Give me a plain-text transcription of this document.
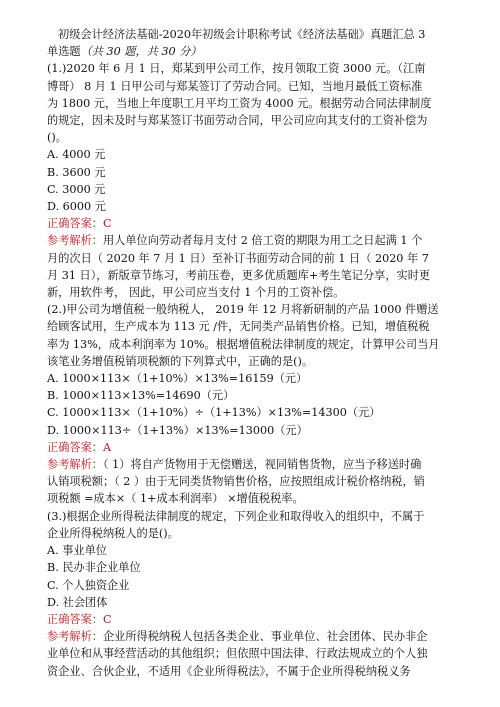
初级会计经济法基础-2020年初级会计职称考试《经济法基础》真题汇总 3
单选题（共 30 题，共 30 分）
(1.)2020 年 6 月 1 日，郑某到甲公司工作，按月领取工资 3000 元。（江南
博哥） 8 月 1 日甲公司与郑某签订了劳动合同。已知，当地月最低工资标准
为 1800 元，当地上年度职工月平均工资为 4000 元。根据劳动合同法律制度
的规定，因未及时与郑某签订书面劳动合同，甲公司应向其支付的工资补偿为
()。
A. 4000 元
B. 3600 元
C. 3000 元
D. 6000 元
正确答案：C
参考解析：用人单位向劳动者每月支付 2 倍工资的期限为用工之日起满 1 个
月的次日（ 2020 年 7 月 1 日）至补订书面劳动合同的前 1 日（ 2020 年 7
月 31 日），新版章节练习，考前压卷，更多优质题库+考生笔记分享，实时更
新，用软件考， 因此，甲公司应当支付 1 个月的工资补偿。
(2.)甲公司为增值税一般纳税人， 2019 年 12 月将新研制的产品 1000 件赠送
给顾客试用，生产成本为 113 元 /件，无同类产品销售价格。已知，增值税税
率为 13%，成本利润率为 10%。根据增值税法律制度的规定，计算甲公司当月
该笔业务增值税销项税额的下列算式中，正确的是()。
A. 1000×113×（1+10%）×13%=16159（元）
B. 1000×113×13%=14690（元）
C. 1000×113×（1+10%）÷（1+13%）×13%=14300（元）
D. 1000×113÷（1+13%）×13%=13000（元）
正确答案：A
参考解析：（ 1）将自产货物用于无偿赠送，视同销售货物，应当予移送时确
认销项税额；（ 2 ）由于无同类货物销售价格，应按照组成计税价格纳税，销
项税额 =成本×（ 1+成本利润率） ×增值税税率。
(3.)根据企业所得税法律制度的规定，下列企业和取得收入的组织中，不属于
企业所得税纳税人的是()。
A. 事业单位
B. 民办非企业单位
C. 个人独资企业
D. 社会团体
正确答案：C
参考解析：企业所得税纳税人包括各类企业、事业单位、社会团体、民办非企
业单位和从事经营活动的其他组织；但依照中国法律、行政法规成立的个人独
资企业、合伙企业，不适用《企业所得税法》，不属于企业所得税纳税义务
